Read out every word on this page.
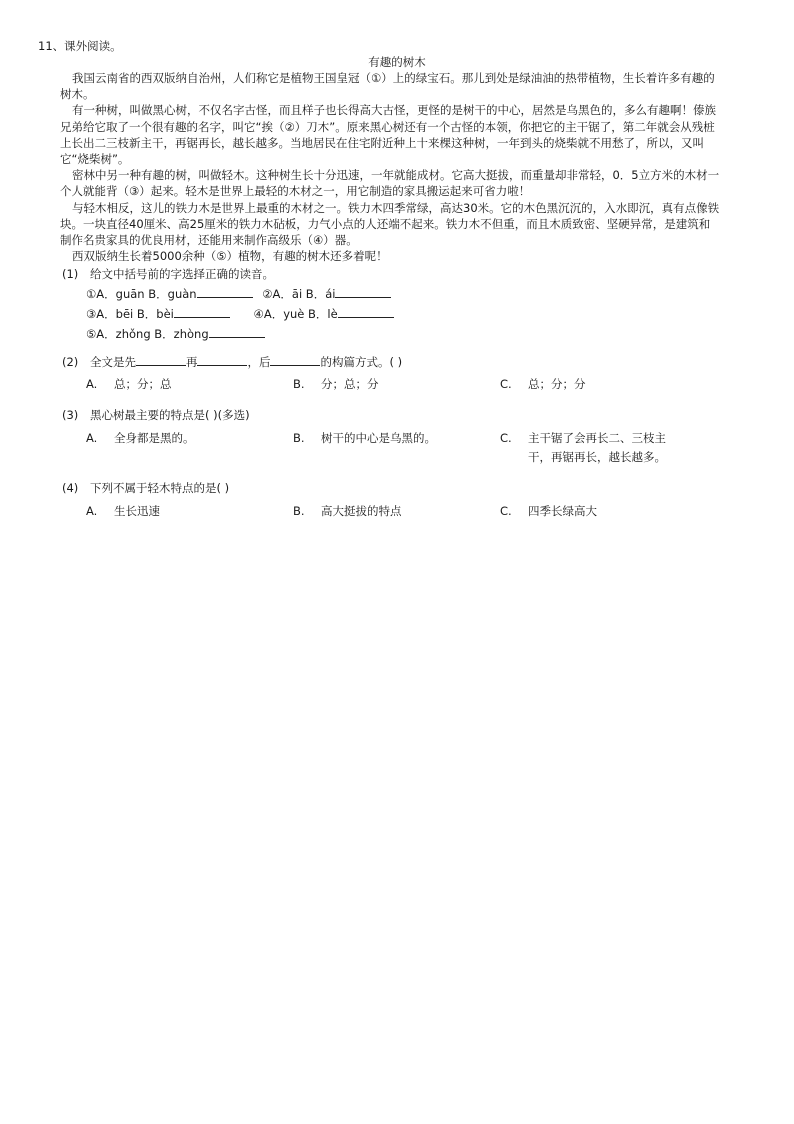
11、课外阅读。
有趣的树木

我国云南省的西双版纳自治州，人们称它是植物王国皇冠（①）上的绿宝石。那儿到处是绿油油的热带植物，生长着许多有趣的树木。

有一种树，叫做黑心树，不仅名字古怪，而且样子也长得高大古怪，更怪的是树干的中心，居然是乌黑色的，多么有趣啊！傣族兄弟给它取了一个很有趣的名字，叫它“挨（②）刀木”。原来黑心树还有一个古怪的本领，你把它的主干锯了，第二年就会从残桩上长出二三枝新主干，再锯再长，越长越多。当地居民在住宅附近种上十来棵这种树，一年到头的烧柴就不用愁了，所以，又叫它“烧柴树”。

密林中另一种有趣的树，叫做轻木。这种树生长十分迅速，一年就能成材。它高大挺拔，而重量却非常轻，0．5立方米的木材一个人就能背（③）起来。轻木是世界上最轻的木材之一，用它制造的家具搬运起来可省力啦！

与轻木相反，这儿的铁力木是世界上最重的木材之一。铁力木四季常绿，高达30米。它的木色黑沉沉的，入水即沉，真有点像铁块。一块直径40厘米、高25厘米的铁力木砧板，力气小点的人还端不起来。铁力木不但重，而且木质致密、坚硬异常，是建筑和制作名贵家具的优良用材，还能用来制作高级乐（④）器。

西双版纳生长着5000余种（⑤）植物，有趣的树木还多着呢！

(1) 给文中括号前的字选择正确的读音。
①A．guān B．guàn	②A．āi B．ái
③A．bēi B．bèi	④A．yuè B．lè
⑤A．zhǒng B．zhòng
(2) 全文是先	再	，后	的构篇方式。( )
A. 总；分；总	B. 分；总；分	C. 总；分；分
(3) 黑心树最主要的特点是( )(多选)
A. 全身都是黑的。	B. 树干的中心是乌黑的。	C. 主干锯了会再长二、三枝主
干，再锯再长，越长越多。
(4) 下列不属于轻木特点的是( )
A. 生长迅速	B. 高大挺拔的特点	C. 四季长绿高大
